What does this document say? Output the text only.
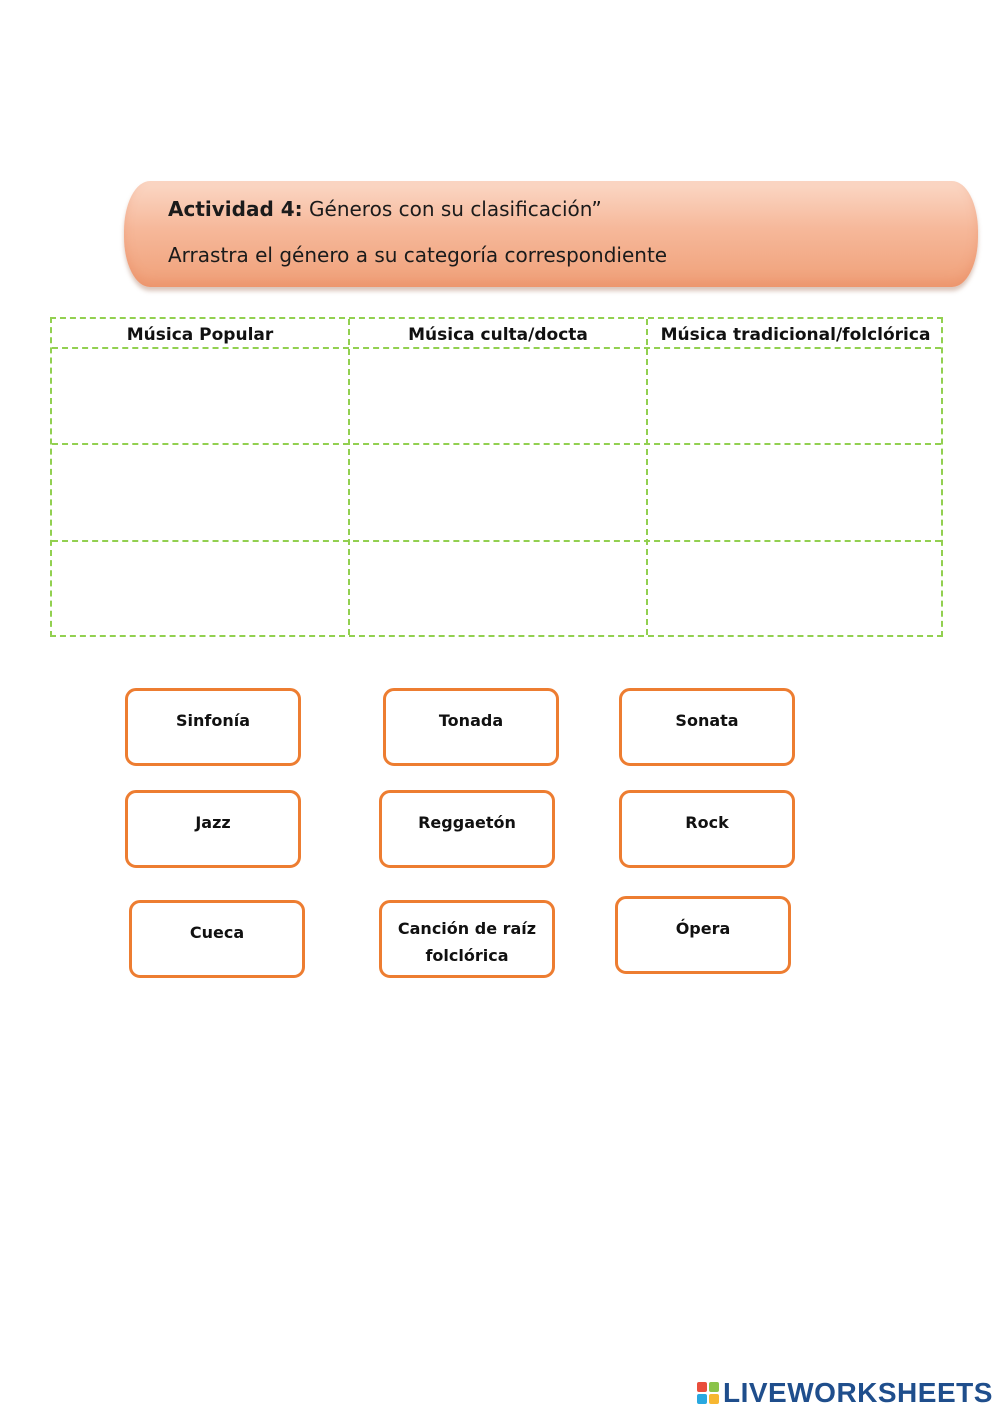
Actividad 4: Géneros con su clasificación”
Arrastra el género a su categoría correspondiente
Música Popular	Música culta/docta	Música tradicional/folclórica
Sinfonía	Tonada	Sonata
Jazz	Reggaetón	Rock
Cueca	Canción de raíz folclórica
Ópera
LIVEWORKSHEETS
